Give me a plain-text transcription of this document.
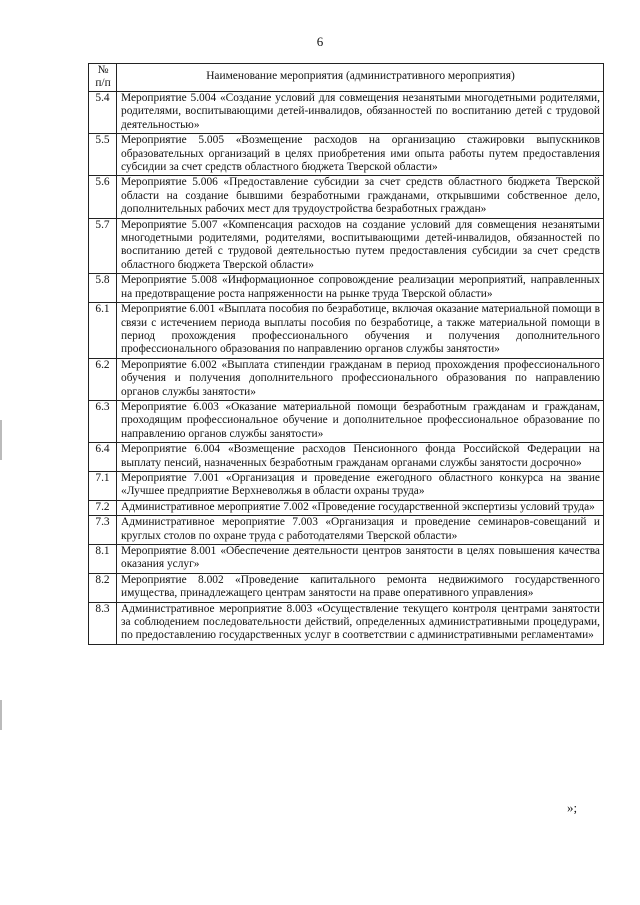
6
№
п/п	Наименование мероприятия (административного мероприятия)
5.4	Мероприятие 5.004 «Создание условий для совмещения незанятыми многодетными родителями, родителями, воспитывающими детей-инвалидов, обязанностей по воспитанию детей с трудовой деятельностью»
5.5	Мероприятие 5.005 «Возмещение расходов на организацию стажировки выпускников образовательных организаций в целях приобретения ими опыта работы путем предоставления субсидии за счет средств областного бюджета Тверской области»
5.6	Мероприятие 5.006 «Предоставление субсидии за счет средств областного бюджета Тверской области на создание бывшими безработными гражданами, открывшими собственное дело, дополнительных рабочих мест для трудоустройства безработных граждан»
5.7	Мероприятие 5.007 «Компенсация расходов на создание условий для совмещения незанятыми многодетными родителями, родителями, воспитывающими детей-инвалидов, обязанностей по воспитанию детей с трудовой деятельностью путем предоставления субсидии за счет средств областного бюджета Тверской области»
5.8	Мероприятие 5.008 «Информационное сопровождение реализации мероприятий, направленных на предотвращение роста напряженности на рынке труда Тверской области»
6.1	Мероприятие 6.001 «Выплата пособия по безработице, включая оказание материальной помощи в связи с истечением периода выплаты пособия по безработице, а также материальной помощи в период прохождения профессионального обучения и получения дополнительного профессионального образования по направлению органов службы занятости»
6.2	Мероприятие 6.002 «Выплата стипендии гражданам в период прохождения профессионального обучения и получения дополнительного профессионального образования по направлению органов службы занятости»
6.3	Мероприятие 6.003 «Оказание материальной помощи безработным гражданам и гражданам, проходящим профессиональное обучение и дополнительное профессиональное образование по направлению органов службы занятости»
6.4	Мероприятие 6.004 «Возмещение расходов Пенсионного фонда Российской Федерации на выплату пенсий, назначенных безработным гражданам органами службы занятости досрочно»
7.1	Мероприятие 7.001 «Организация и проведение ежегодного областного конкурса на звание «Лучшее предприятие Верхневолжья в области охраны труда»
7.2	Административное мероприятие 7.002 «Проведение государственной экспертизы условий труда»
7.3	Административное мероприятие 7.003 «Организация и проведение семинаров-совещаний и круглых столов по охране труда с работодателями Тверской области»
8.1	Мероприятие 8.001 «Обеспечение деятельности центров занятости в целях повышения качества оказания услуг»
8.2	Мероприятие 8.002 «Проведение капитального ремонта недвижимого государственного имущества, принадлежащего центрам занятости на праве оперативного управления»
8.3	Административное мероприятие 8.003 «Осуществление текущего контроля центрами занятости за соблюдением последовательности действий, определенных административными процедурами, по предоставлению государственных услуг в соответствии с административными регламентами»
»;
